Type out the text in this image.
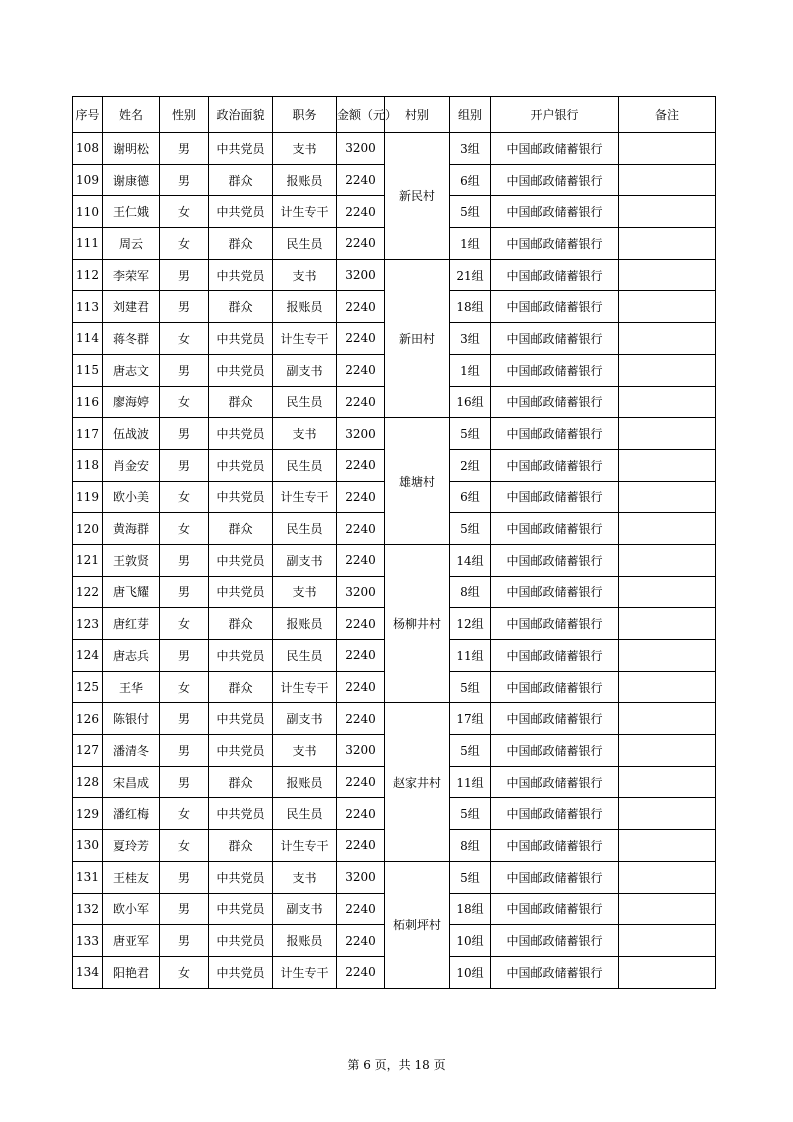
序号	姓名	性别	政治面貌	职务	金额（元）	村别	组别	开户银行	备注
108	谢明松	男	中共党员	支书	3200	新民村	3组	中国邮政储蓄银行	
109	谢康德	男	群众	报账员	2240		6组	中国邮政储蓄银行	
110	王仁娥	女	中共党员	计生专干	2240		5组	中国邮政储蓄银行	
111	周云	女	群众	民生员	2240		1组	中国邮政储蓄银行	
112	李荣军	男	中共党员	支书	3200	新田村	21组	中国邮政储蓄银行	
113	刘建君	男	群众	报账员	2240		18组	中国邮政储蓄银行	
114	蒋冬群	女	中共党员	计生专干	2240		3组	中国邮政储蓄银行	
115	唐志文	男	中共党员	副支书	2240		1组	中国邮政储蓄银行	
116	廖海婷	女	群众	民生员	2240		16组	中国邮政储蓄银行	
117	伍战波	男	中共党员	支书	3200	雄塘村	5组	中国邮政储蓄银行	
118	肖金安	男	中共党员	民生员	2240		2组	中国邮政储蓄银行	
119	欧小美	女	中共党员	计生专干	2240		6组	中国邮政储蓄银行	
120	黄海群	女	群众	民生员	2240		5组	中国邮政储蓄银行	
121	王敦贤	男	中共党员	副支书	2240	杨柳井村	14组	中国邮政储蓄银行	
122	唐飞耀	男	中共党员	支书	3200		8组	中国邮政储蓄银行	
123	唐红芽	女	群众	报账员	2240		12组	中国邮政储蓄银行	
124	唐志兵	男	中共党员	民生员	2240		11组	中国邮政储蓄银行	
125	王华	女	群众	计生专干	2240		5组	中国邮政储蓄银行	
126	陈银付	男	中共党员	副支书	2240	赵家井村	17组	中国邮政储蓄银行	
127	潘清冬	男	中共党员	支书	3200		5组	中国邮政储蓄银行	
128	宋昌成	男	群众	报账员	2240		11组	中国邮政储蓄银行	
129	潘红梅	女	中共党员	民生员	2240		5组	中国邮政储蓄银行	
130	夏玲芳	女	群众	计生专干	2240		8组	中国邮政储蓄银行	
131	王桂友	男	中共党员	支书	3200	柘刺坪村	5组	中国邮政储蓄银行	
132	欧小军	男	中共党员	副支书	2240		18组	中国邮政储蓄银行	
133	唐亚军	男	中共党员	报账员	2240		10组	中国邮政储蓄银行	
134	阳艳君	女	中共党员	计生专干	2240		10组	中国邮政储蓄银行	
第 6 页，共 18 页
